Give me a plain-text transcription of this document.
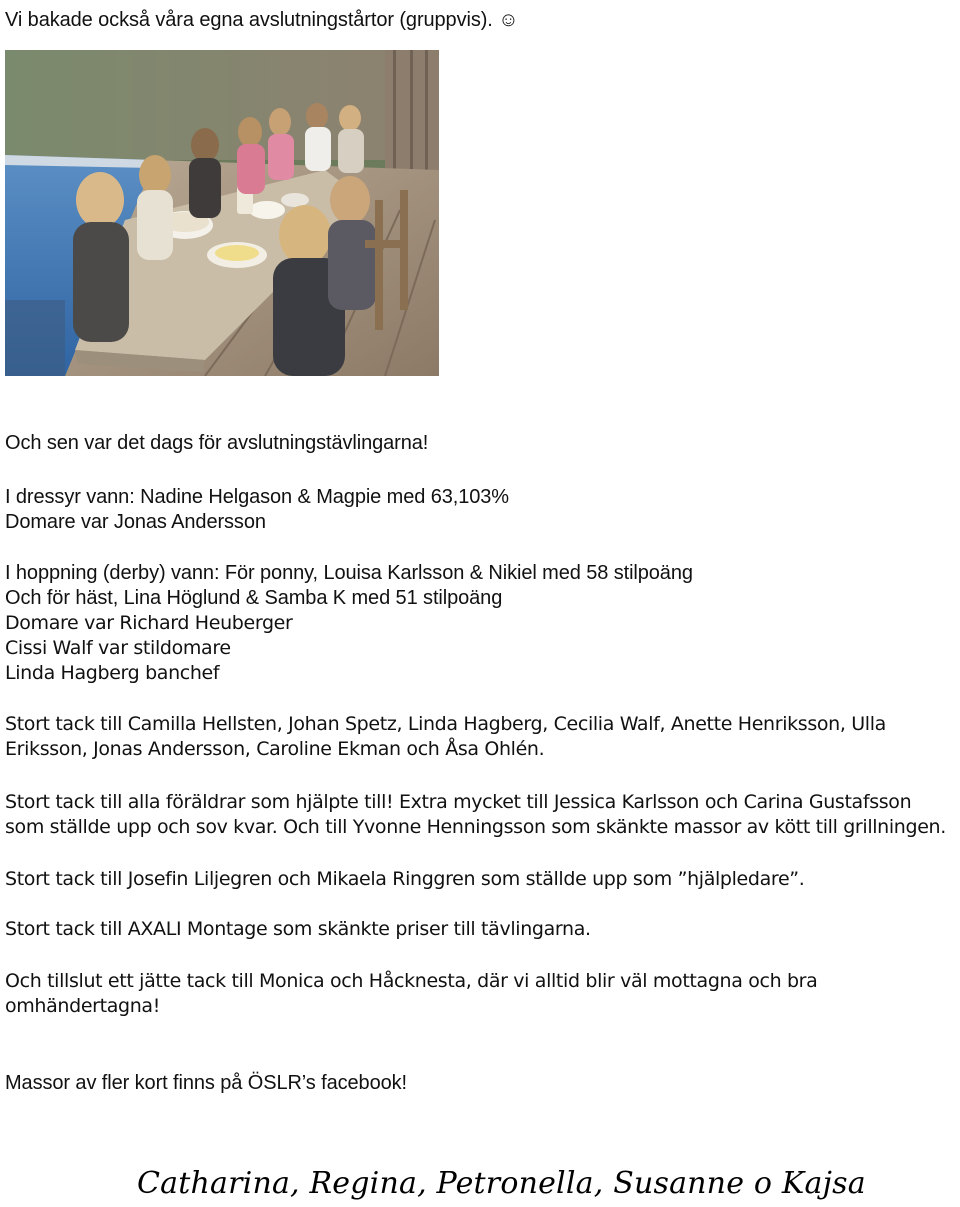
Vi bakade också våra egna avslutningstårtor (gruppvis). ☺
Och sen var det dags för avslutningstävlingarna!
I dressyr vann: Nadine Helgason & Magpie med 63,103%
Domare var Jonas Andersson
I hoppning (derby) vann: För ponny, Louisa Karlsson & Nikiel med 58 stilpoäng
Och för häst, Lina Höglund & Samba K med 51 stilpoäng
Domare var Richard Heuberger
Cissi Walf var stildomare
Linda Hagberg banchef
Stort tack till Camilla Hellsten, Johan Spetz, Linda Hagberg, Cecilia Walf, Anette Henriksson, Ulla
Eriksson, Jonas Andersson, Caroline Ekman och Åsa Ohlén.
Stort tack till alla föräldrar som hjälpte till! Extra mycket till Jessica Karlsson och Carina Gustafsson
som ställde upp och sov kvar. Och till Yvonne Henningsson som skänkte massor av kött till grillningen.
Stort tack till Josefin Liljegren och Mikaela Ringgren som ställde upp som ”hjälpledare”.
Stort tack till AXALI Montage som skänkte priser till tävlingarna.
Och tillslut ett jätte tack till Monica och Håcknesta, där vi alltid blir väl mottagna och bra
omhändertagna!
Massor av fler kort finns på ÖSLR’s facebook!
Catharina, Regina, Petronella, Susanne o Kajsa
